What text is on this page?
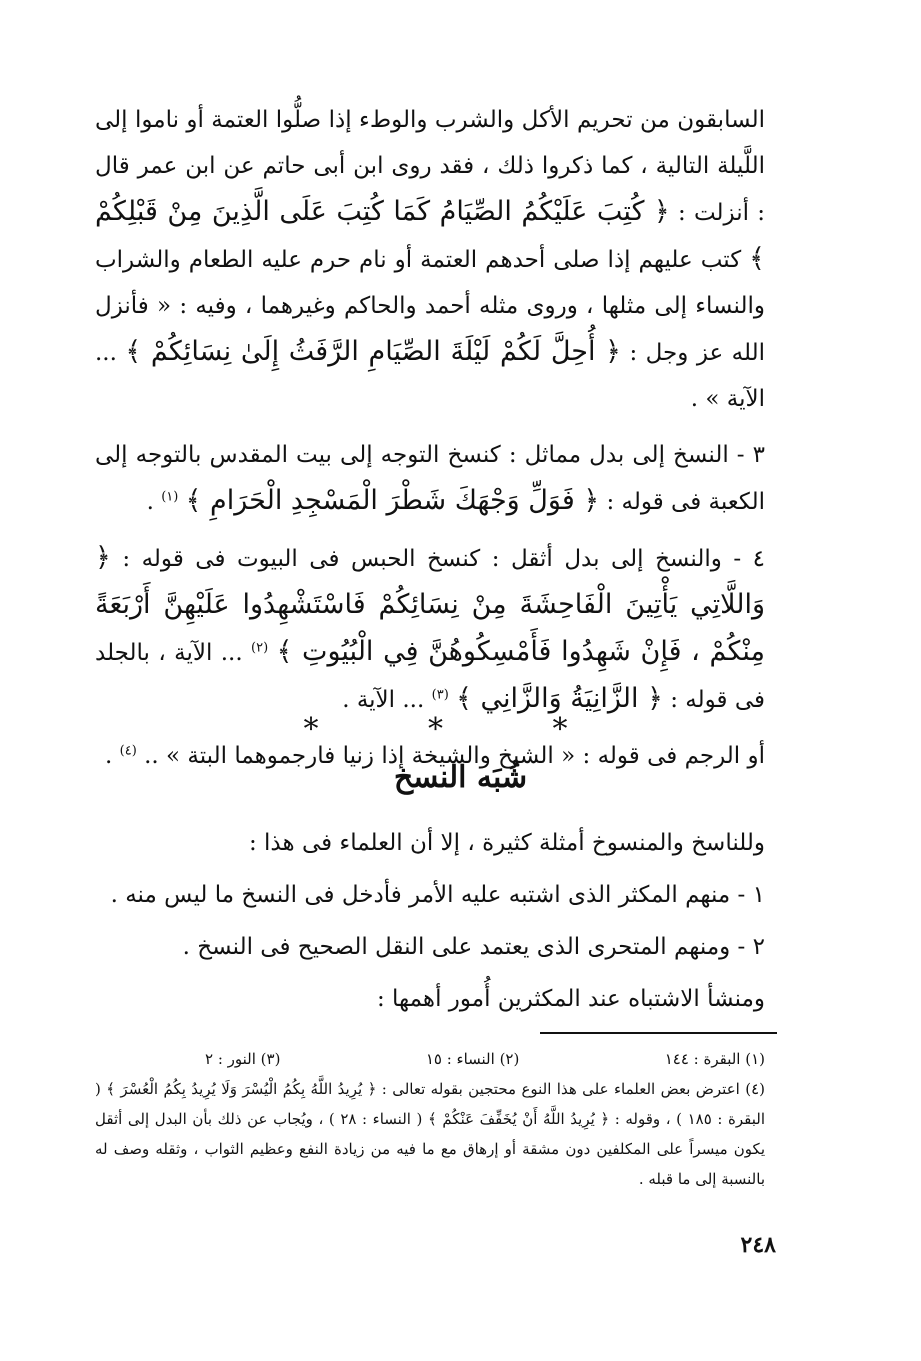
السابقون من تحريم الأكل والشرب والوطء إذا صلُّوا العتمة أو ناموا إلى اللَّيلة التالية ، كما ذكروا ذلك ، فقد روى ابن أبى حاتم عن ابن عمر قال : أنزلت : ﴿ كُتِبَ عَلَيْكُمُ الصِّيَامُ كَمَا كُتِبَ عَلَى الَّذِينَ مِنْ قَبْلِكُمْ ﴾ كتب عليهم إذا صلى أحدهم العتمة أو نام حرم عليه الطعام والشراب والنساء إلى مثلها ، وروى مثله أحمد والحاكم وغيرهما ، وفيه : « فأنزل الله عز وجل : ﴿ أُحِلَّ لَكُمْ لَيْلَةَ الصِّيَامِ الرَّفَثُ إِلَىٰ نِسَائِكُمْ ﴾ ... الآية » .

٣ - النسخ إلى بدل مماثل : كنسخ التوجه إلى بيت المقدس بالتوجه إلى الكعبة فى قوله : ﴿ فَوَلِّ وَجْهَكَ شَطْرَ الْمَسْجِدِ الْحَرَامِ ﴾ $^{(١)}$ .

٤ - والنسخ إلى بدل أثقل : كنسخ الحبس فى البيوت فى قوله : ﴿ وَاللَّاتِي يَأْتِينَ الْفَاحِشَةَ مِنْ نِسَائِكُمْ فَاسْتَشْهِدُوا عَلَيْهِنَّ أَرْبَعَةً مِنْكُمْ ، فَإِنْ شَهِدُوا فَأَمْسِكُوهُنَّ فِي الْبُيُوتِ ﴾ $^{(٢)}$ ... الآية ، بالجلد فى قوله : ﴿ الزَّانِيَةُ وَالزَّانِي ﴾ $^{(٣)}$ ... الآية .

أو الرجم فى قوله : « الشيخ والشيخة إذا زنيا فارجموهما البتة » .. $^{(٤)}$ .

* * *
شُبَه النسخ

وللناسخ والمنسوخ أمثلة كثيرة ، إلا أن العلماء فى هذا :

١ - منهم المكثر الذى اشتبه عليه الأمر فأدخل فى النسخ ما ليس منه .

٢ - ومنهم المتحرى الذى يعتمد على النقل الصحيح فى النسخ .

ومنشأ الاشتباه عند المكثرين أُمور أهمها :

(١) البقرة : ١٤٤
(٢) النساء : ١٥
(٣) النور : ٢

(٤) اعترض بعض العلماء على هذا النوع محتجين بقوله تعالى : ﴿ يُرِيدُ اللَّهُ بِكُمُ الْيُسْرَ وَلَا يُرِيدُ بِكُمُ الْعُسْرَ ﴾ ( البقرة : ١٨٥ ) ، وقوله : ﴿ يُرِيدُ اللَّهُ أَنْ يُخَفِّفَ عَنْكُمْ ﴾ ( النساء : ٢٨ ) ، ويُجاب عن ذلك بأن البدل إلى أثقل يكون ميسراً على المكلفين دون مشقة أو إرهاق مع ما فيه من زيادة النفع وعظيم الثواب ، وثقله وصف له بالنسبة إلى ما قبله .

٢٤٨
